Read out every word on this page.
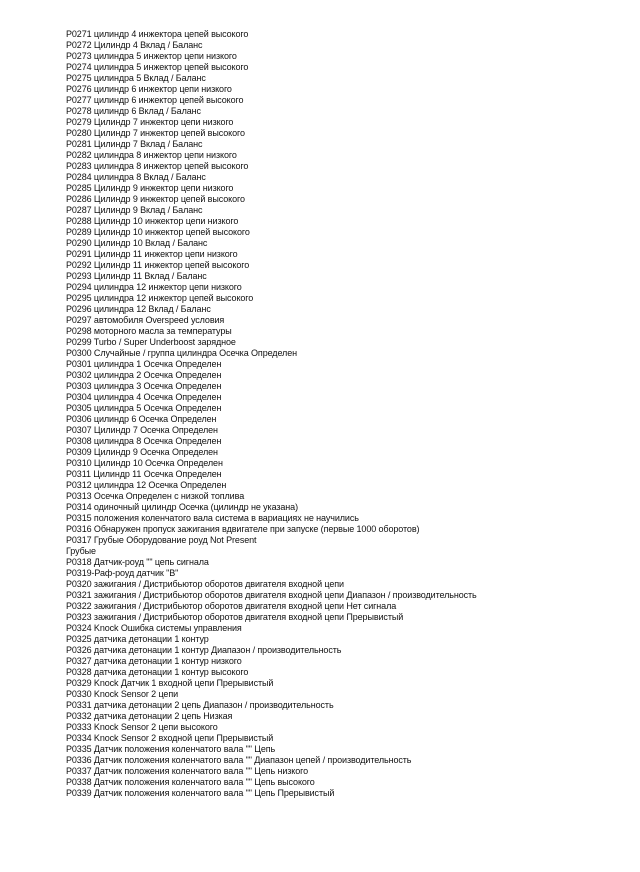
P0271 цилиндр 4 инжектора цепей высокого
P0272 Цилиндр 4 Вклад / Баланс
P0273 цилиндра 5 инжектор цепи низкого
P0274 цилиндра 5 инжектор цепей высокого
P0275 цилиндра 5 Вклад / Баланс
P0276 цилиндр 6 инжектор цепи низкого
P0277 цилиндр 6 инжектор цепей высокого
P0278 цилиндр 6 Вклад / Баланс
P0279 Цилиндр 7 инжектор цепи низкого
P0280 Цилиндр 7 инжектор цепей высокого
P0281 Цилиндр 7 Вклад / Баланс
P0282 цилиндра 8 инжектор цепи низкого
P0283 цилиндра 8 инжектор цепей высокого
P0284 цилиндра 8 Вклад / Баланс
P0285 Цилиндр 9 инжектор цепи низкого
P0286 Цилиндр 9 инжектор цепей высокого
P0287 Цилиндр 9 Вклад / Баланс
P0288 Цилиндр 10 инжектор цепи низкого
P0289 Цилиндр 10 инжектор цепей высокого
P0290 Цилиндр 10 Вклад / Баланс
P0291 Цилиндр 11 инжектор цепи низкого
P0292 Цилиндр 11 инжектор цепей высокого
P0293 Цилиндр 11 Вклад / Баланс
P0294 цилиндра 12 инжектор цепи низкого
P0295 цилиндра 12 инжектор цепей высокого
P0296 цилиндра 12 Вклад / Баланс
P0297 автомобиля Overspeed условия
P0298 моторного масла за температуры
P0299 Turbo / Super Underboost зарядное
P0300 Случайные / группа цилиндра Осечка Определен
P0301 цилиндра 1 Осечка Определен
P0302 цилиндра 2 Осечка Определен
P0303 цилиндра 3 Осечка Определен
P0304 цилиндра 4 Осечка Определен
P0305 цилиндра 5 Осечка Определен
P0306 цилиндр 6 Осечка Определен
P0307 Цилиндр 7 Осечка Определен
P0308 цилиндра 8 Осечка Определен
P0309 Цилиндр 9 Осечка Определен
P0310 Цилиндр 10 Осечка Определен
P0311 Цилиндр 11 Осечка Определен
P0312 цилиндра 12 Осечка Определен
P0313 Осечка Определен с низкой топлива
P0314 одиночный цилиндр Осечка (цилиндр не указана)
P0315 положения коленчатого вала система в вариациях не научились
P0316 Обнаружен пропуск зажигания вдвигателе при запуске (первые 1000 оборотов)
P0317 Грубые Оборудование роуд Not Present
Грубые
P0318 Датчик-роуд "" цепь сигнала
P0319-Раф-роуд датчик "B"
P0320 зажигания / Дистрибьютор оборотов двигателя входной цепи
P0321 зажигания / Дистрибьютор оборотов двигателя входной цепи Диапазон / производительность
P0322 зажигания / Дистрибьютор оборотов двигателя входной цепи Нет сигнала
P0323 зажигания / Дистрибьютор оборотов двигателя входной цепи Прерывистый
P0324 Knock Ошибка системы управления
P0325 датчика детонации 1 контур
P0326 датчика детонации 1 контур Диапазон / производительность
P0327 датчика детонации 1 контур низкого
P0328 датчика детонации 1 контур высокого
P0329 Knock Датчик 1 входной цепи Прерывистый
P0330 Knock Sensor 2 цепи
P0331 датчика детонации 2 цепь Диапазон / производительность
P0332 датчика детонации 2 цепь Низкая
P0333 Knock Sensor 2 цепи высокого
P0334 Knock Sensor 2 входной цепи Прерывистый
P0335 Датчик положения коленчатого вала "" Цепь
P0336 Датчик положения коленчатого вала "" Диапазон цепей / производительность
P0337 Датчик положения коленчатого вала "" Цепь низкого
P0338 Датчик положения коленчатого вала "" Цепь высокого
P0339 Датчик положения коленчатого вала "" Цепь Прерывистый
